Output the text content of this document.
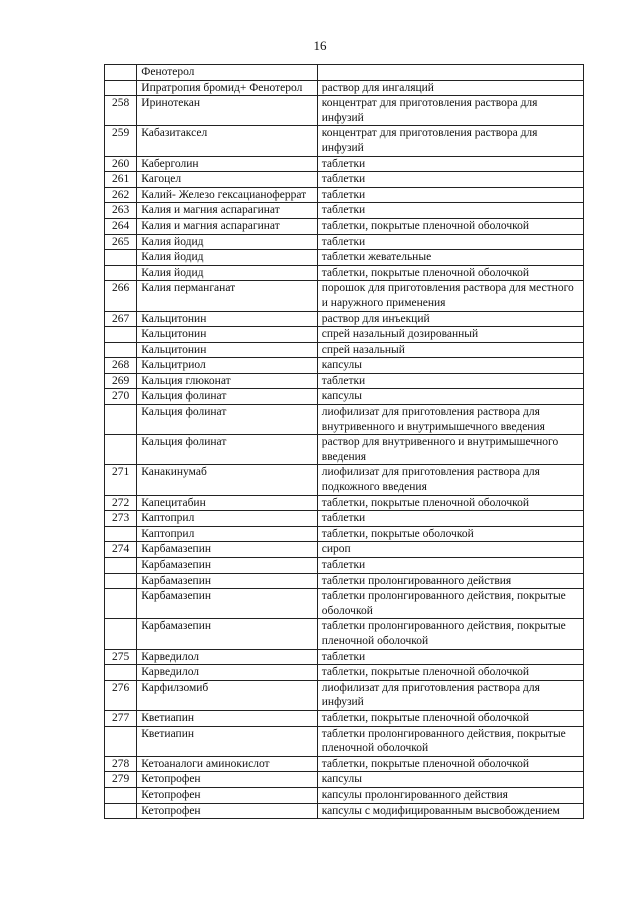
16
	Фенотерол	
	Ипратропия бромид+ Фенотерол	раствор для ингаляций
258	Иринотекан	концентрат для приготовления раствора для инфузий
259	Кабазитаксел	концентрат для приготовления раствора для инфузий
260	Каберголин	таблетки
261	Кагоцел	таблетки
262	Калий- Железо гексацианоферрат	таблетки
263	Калия и магния аспарагинат	таблетки
264	Калия и магния аспарагинат	таблетки, покрытые пленочной оболочкой
265	Калия йодид	таблетки
	Калия йодид	таблетки жевательные
	Калия йодид	таблетки, покрытые пленочной оболочкой
266	Калия перманганат	порошок для приготовления раствора для местного и наружного применения
267	Кальцитонин	раствор для инъекций
	Кальцитонин	спрей назальный дозированный
	Кальцитонин	спрей назальный
268	Кальцитриол	капсулы
269	Кальция глюконат	таблетки
270	Кальция фолинат	капсулы
	Кальция фолинат	лиофилизат для приготовления раствора для внутривенного и внутримышечного введения
	Кальция фолинат	раствор для внутривенного и внутримышечного введения
271	Канакинумаб	лиофилизат для приготовления раствора для подкожного введения
272	Капецитабин	таблетки, покрытые пленочной оболочкой
273	Каптоприл	таблетки
	Каптоприл	таблетки, покрытые оболочкой
274	Карбамазепин	сироп
	Карбамазепин	таблетки
	Карбамазепин	таблетки пролонгированного действия
	Карбамазепин	таблетки пролонгированного действия, покрытые оболочкой
	Карбамазепин	таблетки пролонгированного действия, покрытые пленочной оболочкой
275	Карведилол	таблетки
	Карведилол	таблетки, покрытые пленочной оболочкой
276	Карфилзомиб	лиофилизат для приготовления раствора для инфузий
277	Кветиапин	таблетки, покрытые пленочной оболочкой
	Кветиапин	таблетки пролонгированного действия, покрытые пленочной оболочкой
278	Кетоаналоги аминокислот	таблетки, покрытые пленочной оболочкой
279	Кетопрофен	капсулы
	Кетопрофен	капсулы пролонгированного действия
	Кетопрофен	капсулы с модифицированным высвобождением
